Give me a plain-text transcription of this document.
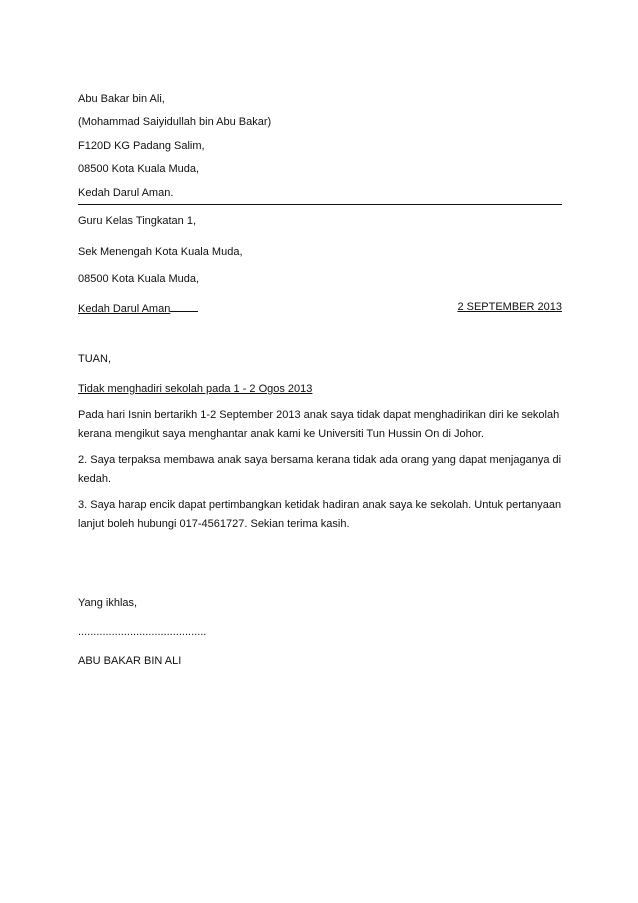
Abu Bakar bin Ali,
(Mohammad Saiyidullah bin Abu Bakar)
F120D KG Padang Salim,
08500 Kota Kuala Muda,
Kedah Darul Aman.
Guru Kelas Tingkatan 1,
Sek Menengah Kota Kuala Muda,
08500 Kota Kuala Muda,
Kedah Darul Aman	2 SEPTEMBER 2013
TUAN,
Tidak menghadiri sekolah pada 1 - 2 Ogos 2013
Pada hari Isnin bertarikh 1-2 September 2013 anak saya tidak dapat menghadirikan diri ke sekolah
kerana mengikut saya menghantar anak kami ke Universiti Tun Hussin On di Johor.
2. Saya terpaksa membawa anak saya bersama kerana tidak ada orang yang dapat menjaganya di
kedah.
3. Saya harap encik dapat pertimbangkan ketidak hadiran anak saya ke sekolah. Untuk pertanyaan
lanjut boleh hubungi 017-4561727. Sekian terima kasih.
Yang ikhlas,
..........................................
ABU BAKAR BIN ALI
